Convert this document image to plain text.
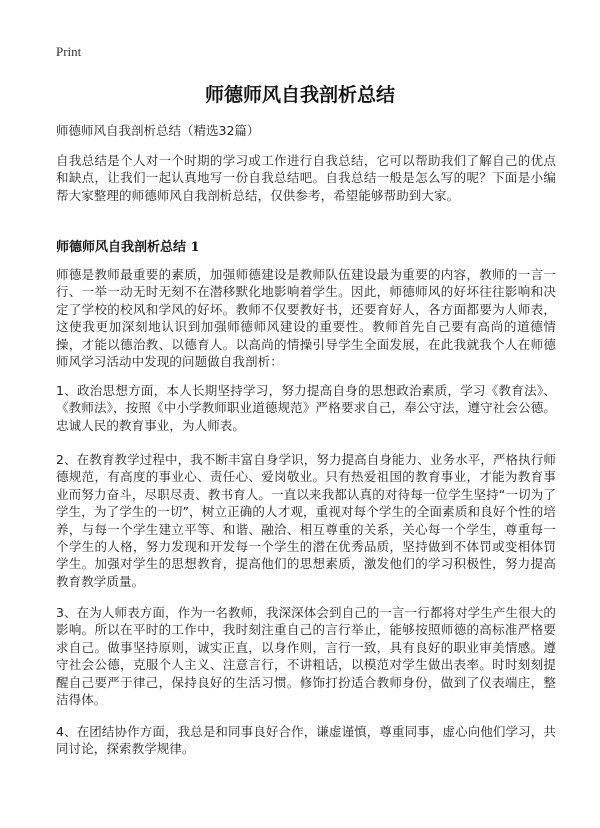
Print
师德师风自我剖析总结

师德师风自我剖析总结（精选32篇）

自我总结是个人对一个时期的学习或工作进行自我总结，它可以帮助我们了解自己的优点和缺点，让我们一起认真地写一份自我总结吧。自我总结一般是怎么写的呢？下面是小编帮大家整理的师德师风自我剖析总结，仅供参考，希望能够帮助到大家。

师德师风自我剖析总结 1

师德是教师最重要的素质，加强师德建设是教师队伍建设最为重要的内容，教师的一言一行、一举一动无时无刻不在潜移默化地影响着学生。因此，师德师风的好坏往往影响和决定了学校的校风和学风的好坏。教师不仅要教好书，还要育好人，各方面都要为人师表，这使我更加深刻地认识到加强师德师风建设的重要性。教师首先自己要有高尚的道德情操，才能以德治教、以德育人。以高尚的情操引导学生全面发展，在此我就我个人在师德师风学习活动中发现的问题做自我剖析：

1、政治思想方面，本人长期坚持学习，努力提高自身的思想政治素质，学习《教育法》、《教师法》，按照《中小学教师职业道德规范》严格要求自己，奉公守法，遵守社会公德。忠诚人民的教育事业，为人师表。

2、在教育教学过程中，我不断丰富自身学识，努力提高自身能力、业务水平，严格执行师德规范，有高度的事业心、责任心、爱岗敬业。只有热爱祖国的教育事业，才能为教育事业而努力奋斗，尽职尽责、教书育人。一直以来我都认真的对待每一位学生坚持“一切为了学生，为了学生的一切”，树立正确的人才观，重视对每个学生的全面素质和良好个性的培养，与每一个学生建立平等、和谐、融洽、相互尊重的关系，关心每一个学生，尊重每一个学生的人格，努力发现和开发每一个学生的潜在优秀品质，坚持做到不体罚或变相体罚学生。加强对学生的思想教育，提高他们的思想素质，激发他们的学习积极性，努力提高教育教学质量。

3、在为人师表方面，作为一名教师，我深深体会到自己的一言一行都将对学生产生很大的影响。所以在平时的工作中，我时刻注重自己的言行举止，能够按照师德的高标准严格要求自己。做事坚持原则，诚实正直，以身作则，言行一致，具有良好的职业审美情感。遵守社会公德，克服个人主义、注意言行，不讲粗话，以模范对学生做出表率。时时刻刻提醒自己要严于律己，保持良好的生活习惯。修饰打扮适合教师身份，做到了仪表端庄，整洁得体。

4、在团结协作方面，我总是和同事良好合作，谦虚谨慎，尊重同事，虚心向他们学习，共同讨论，探索教学规律。
